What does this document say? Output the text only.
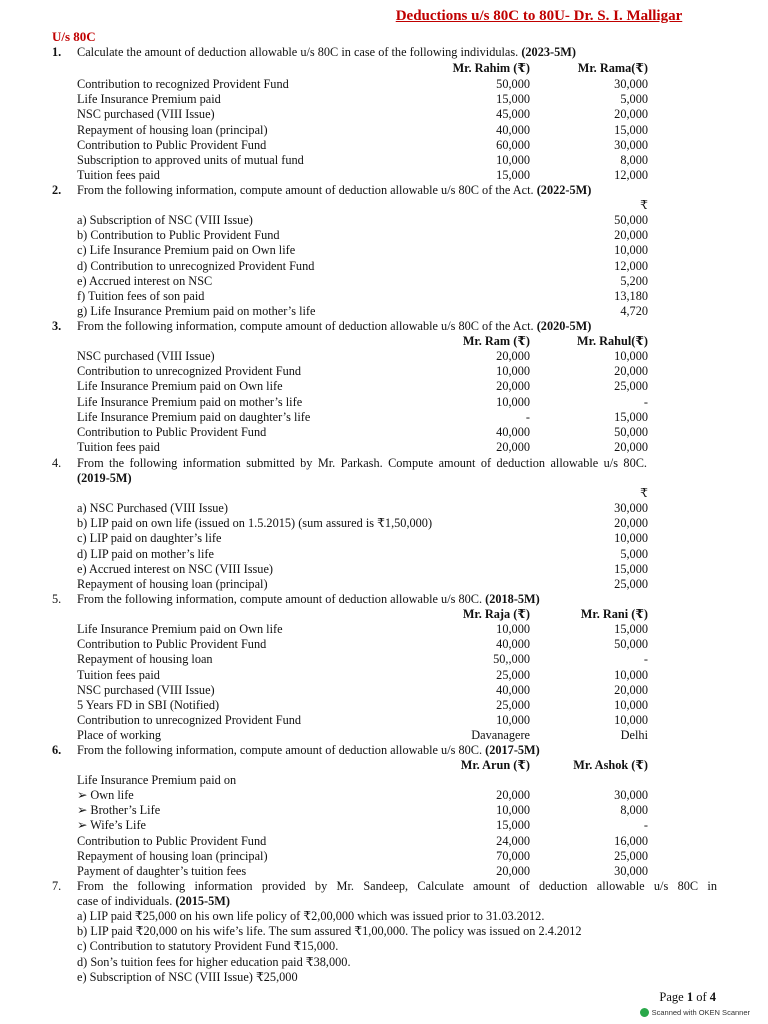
Deductions u/s 80C to 80U- Dr. S. I. Malligar
U/s 80C
1. Calculate the amount of deduction allowable u/s 80C in case of the following individulas. (2023-5M)
Mr. Rahim (₹)	Mr. Rama(₹)
Contribution to recognized Provident Fund	50,000	30,000
Life Insurance Premium paid	15,000	5,000
NSC purchased (VIII Issue)	45,000	20,000
Repayment of housing loan (principal)	40,000	15,000
Contribution to Public Provident Fund	60,000	30,000
Subscription to approved units of mutual fund	10,000	8,000
Tuition fees paid	15,000	12,000
2. From the following information, compute amount of deduction allowable u/s 80C of the Act. (2022-5M)
₹
a) Subscription of NSC (VIII Issue)	50,000
b) Contribution to Public Provident Fund	20,000
c) Life Insurance Premium paid on Own life	10,000
d) Contribution to unrecognized Provident Fund	12,000
e) Accrued interest on NSC	5,200
f) Tuition fees of son paid	13,180
g) Life Insurance Premium paid on mother’s life	4,720
3. From the following information, compute amount of deduction allowable u/s 80C of the Act. (2020-5M)
Mr. Ram (₹)	Mr. Rahul(₹)
NSC purchased (VIII Issue)	20,000	10,000
Contribution to unrecognized Provident Fund	10,000	20,000
Life Insurance Premium paid on Own life	20,000	25,000
Life Insurance Premium paid on mother’s life	10,000	-
Life Insurance Premium paid on daughter’s life	-	15,000
Contribution to Public Provident Fund	40,000	50,000
Tuition fees paid	20,000	20,000
4. From the following information submitted by Mr. Parkash. Compute amount of deduction allowable u/s 80C.
(2019-5M)
₹
a) NSC Purchased (VIII Issue)	30,000
b) LIP paid on own life (issued on 1.5.2015) (sum assured is ₹1,50,000)	20,000
c) LIP paid on daughter’s life	10,000
d) LIP paid on mother’s life	5,000
e) Accrued interest on NSC (VIII Issue)	15,000
Repayment of housing loan (principal)	25,000
5. From the following information, compute amount of deduction allowable u/s 80C. (2018-5M)
Mr. Raja (₹)	Mr. Rani (₹)
Life Insurance Premium paid on Own life	10,000	15,000
Contribution to Public Provident Fund	40,000	50,000
Repayment of housing loan	50,,000	-
Tuition fees paid	25,000	10,000
NSC purchased (VIII Issue)	40,000	20,000
5 Years FD in SBI (Notified)	25,000	10,000
Contribution to unrecognized Provident Fund	10,000	10,000
Place of working	Davanagere	Delhi
6. From the following information, compute amount of deduction allowable u/s 80C. (2017-5M)
Mr. Arun (₹)	Mr. Ashok (₹)
Life Insurance Premium paid on
➢ Own life	20,000	30,000
➢ Brother’s Life	10,000	8,000
➢ Wife’s Life	15,000	-
Contribution to Public Provident Fund	24,000	16,000
Repayment of housing loan (principal)	70,000	25,000
Payment of daughter’s tuition fees	20,000	30,000
7. From the following information provided by Mr. Sandeep, Calculate amount of deduction allowable u/s 80C in
case of individuals. (2015-5M)
a) LIP paid ₹25,000 on his own life policy of ₹2,00,000 which was issued prior to 31.03.2012.
b) LIP paid ₹20,000 on his wife’s life. The sum assured ₹1,00,000. The policy was issued on 2.4.2012
c) Contribution to statutory Provident Fund ₹15,000.
d) Son’s tuition fees for higher education paid ₹38,000.
e) Subscription of NSC (VIII Issue) ₹25,000
Page 1 of 4
Scanned with OKEN Scanner
